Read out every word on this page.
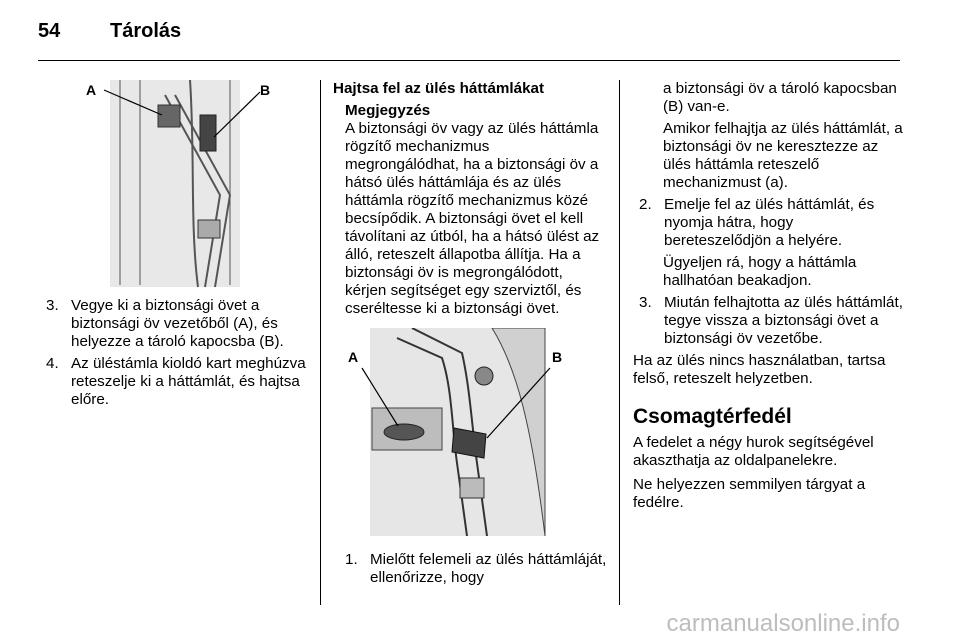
54 Tárolás
A	B
3. Vegye ki a biztonsági övet a biztonsági öv vezetőből (A), és helyezze a tároló kapocsba (B).
4. Az üléstámla kioldó kart meghúzva reteszelje ki a háttámlát, és hajtsa előre.
Hajtsa fel az ülés háttámlákat
Megjegyzés
A biztonsági öv vagy az ülés háttámla rögzítő mechanizmus megrongálódhat, ha a biztonsági öv a hátsó ülés háttámlája és az ülés háttámla rögzítő mechanizmus közé becsípődik. A biztonsági övet el kell távolítani az útból, ha a hátsó ülést az álló, reteszelt állapotba állítja. Ha a biztonsági öv is megrongálódott, kérjen segítséget egy szerviztől, és cseréltesse ki a biztonsági övet.
A	B
1. Mielőtt felemeli az ülés háttámláját, ellenőrizze, hogy
a biztonsági öv a tároló kapocsban (B) van-e.
Amikor felhajtja az ülés háttámlát, a biztonsági öv ne keresztezze az ülés háttámla reteszelő mechanizmust (a).
2. Emelje fel az ülés háttámlát, és nyomja hátra, hogy bereteszelődjön a helyére.
Ügyeljen rá, hogy a háttámla hallhatóan beakadjon.
3. Miután felhajtotta az ülés háttámlát, tegye vissza a biztonsági övet a biztonsági öv vezetőbe.
Ha az ülés nincs használatban, tartsa felső, reteszelt helyzetben.
Csomagtérfedél
A fedelet a négy hurok segítségével akaszthatja az oldalpanelekre.
Ne helyezzen semmilyen tárgyat a fedélre.
carmanualsonline.info
